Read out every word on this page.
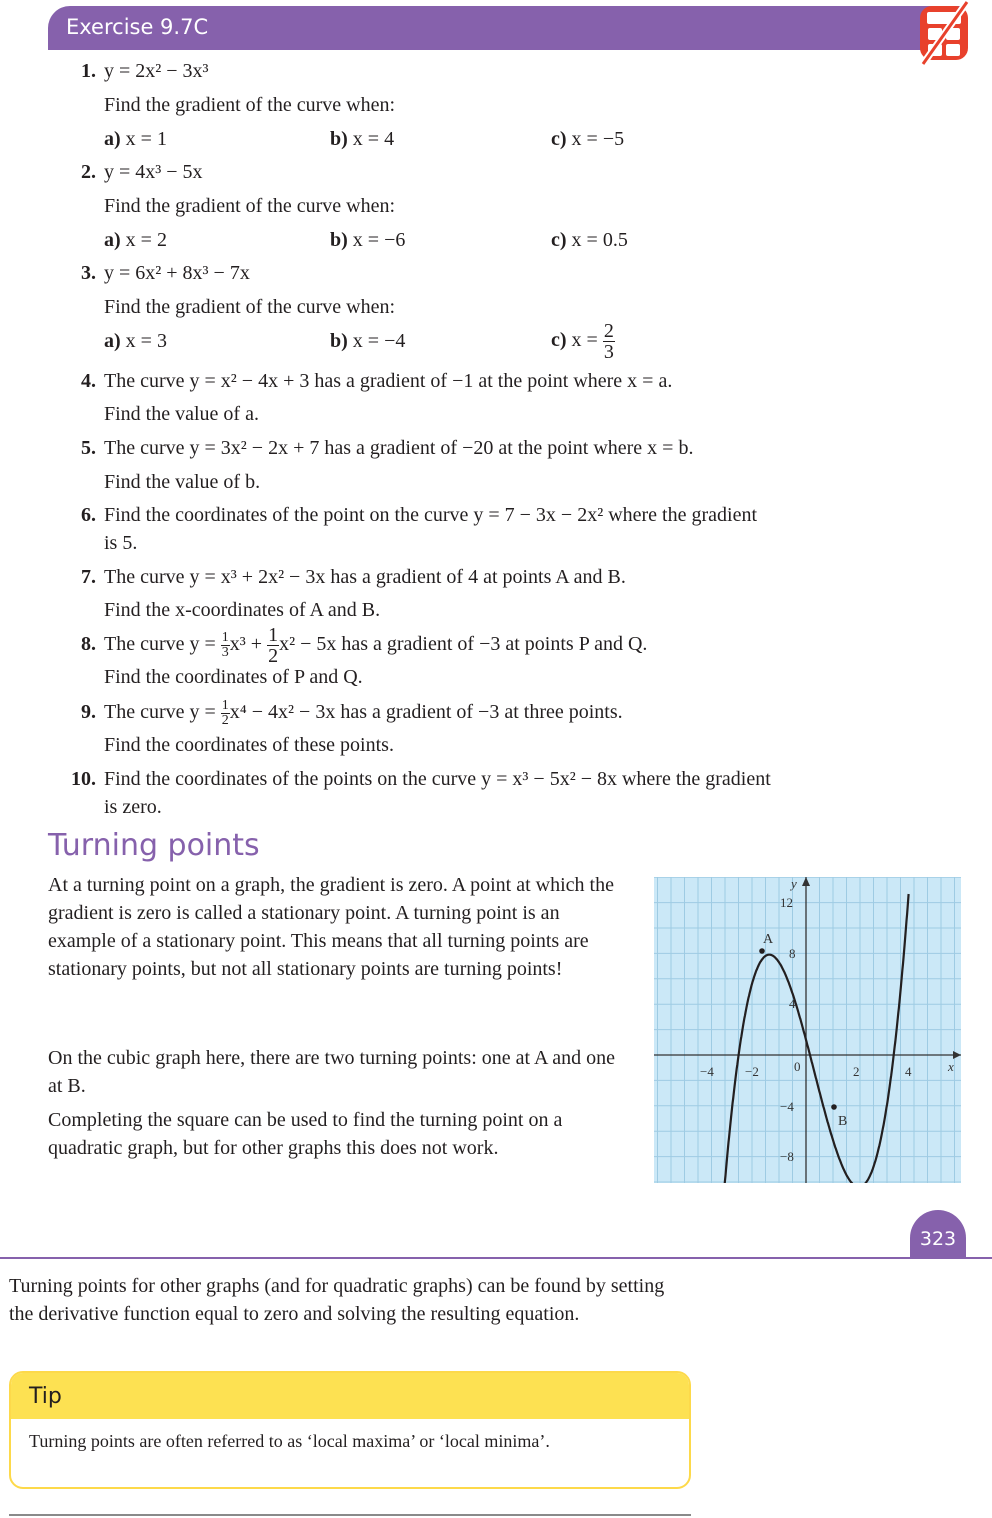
Exercise 9.7C
1. y = 2x² − 3x³
Find the gradient of the curve when:
a) x = 1	b) x = 4	c) x = −5
2. y = 4x³ − 5x
Find the gradient of the curve when:
a) x = 2	b) x = −6	c) x = 0.5
3. y = 6x² + 8x³ − 7x
Find the gradient of the curve when:
a) x = 3	b) x = −4	c) $x = \frac{2}{3}$
4. The curve y = x² − 4x + 3 has a gradient of −1 at the point where x = a.
Find the value of a.
5. The curve y = 3x² − 2x + 7 has a gradient of −20 at the point where x = b.
Find the value of b.
6. Find the coordinates of the point on the curve y = 7 − 3x − 2x² where the gradient
is 5.
7. The curve y = x³ + 2x² − 3x has a gradient of 4 at points A and B.
Find the x-coordinates of A and B.
8. The curve $y = \frac{1}{3} x^3 + \frac{1}{2} x^2 - 5x$ has a gradient of −3 at points P and Q.
Find the coordinates of P and Q.
9. The curve $y = \frac{1}{2} x^4 - 4x^2 - 3x$ has a gradient of −3 at three points.
Find the coordinates of these points.
10. Find the coordinates of the points on the curve y = x³ − 5x² − 8x where the gradient
is zero.
Turning points
At a turning point on a graph, the gradient is zero. A point at which the gradient is zero is called a stationary point. A turning point is an example of a stationary point. This means that all turning points are stationary points, but not all stationary points are turning points!
On the cubic graph here, there are two turning points: one at A and one at B.
Completing the square can be used to find the turning point on a quadratic graph, but for other graphs this does not work.
x
y
−4 −2	0	2	4
12
8
4
−4
−8
A
B
323
Turning points for other graphs (and for quadratic graphs) can be found by setting the derivative function equal to zero and solving the resulting equation.
Tip
Turning points are often referred to as ‘local maxima’ or ‘local minima’.
